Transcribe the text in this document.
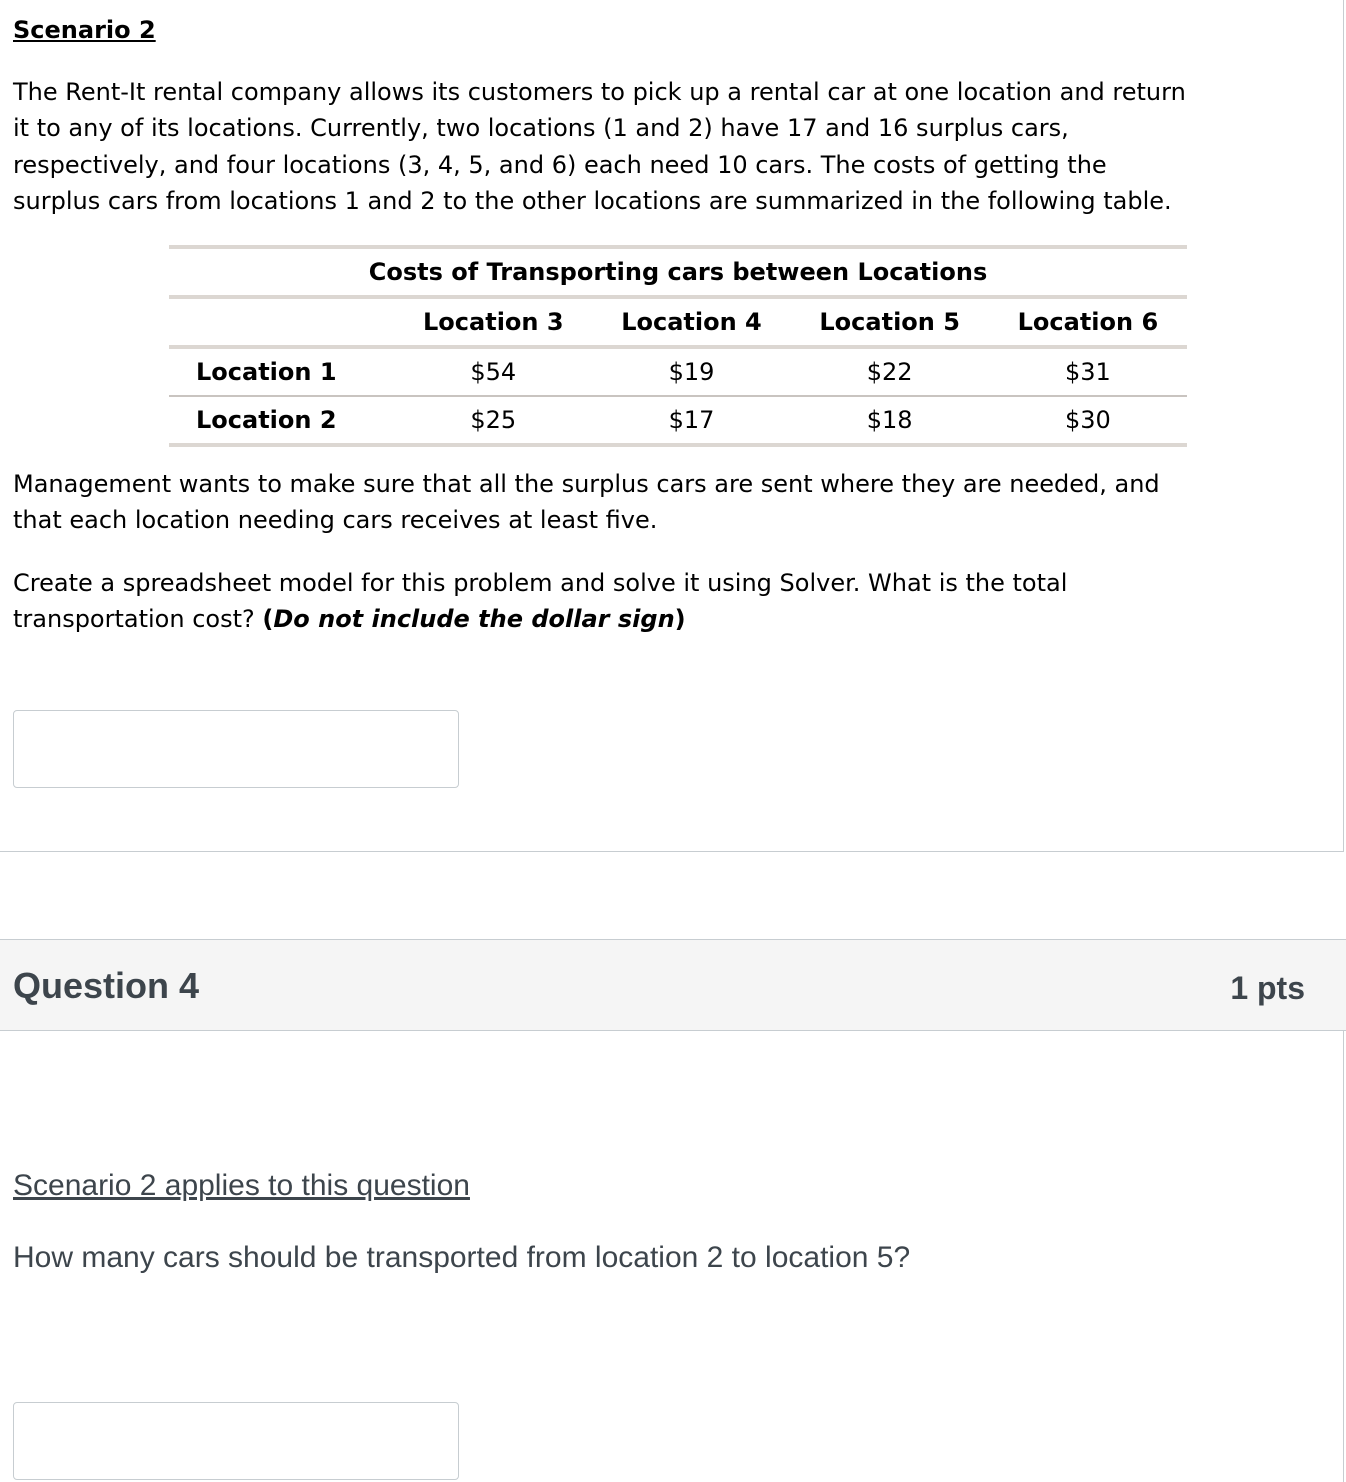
Scenario 2

The Rent-It rental company allows its customers to pick up a rental car at one location and return
it to any of its locations. Currently, two locations (1 and 2) have 17 and 16 surplus cars,
respectively, and four locations (3, 4, 5, and 6) each need 10 cars. The costs of getting the
surplus cars from locations 1 and 2 to the other locations are summarized in the following table.

Costs of Transporting cars between Locations				
	Location 3	Location 4	Location 5	Location 6
Location 1	$54	$19	$22	$31
Location 2	$25	$17	$18	$30

Management wants to make sure that all the surplus cars are sent where they are needed, and
that each location needing cars receives at least five.

Create a spreadsheet model for this problem and solve it using Solver. What is the total
transportation cost? (Do not include the dollar sign)

Question 4	1 pts
Scenario 2 applies to this question

How many cars should be transported from location 2 to location 5?
